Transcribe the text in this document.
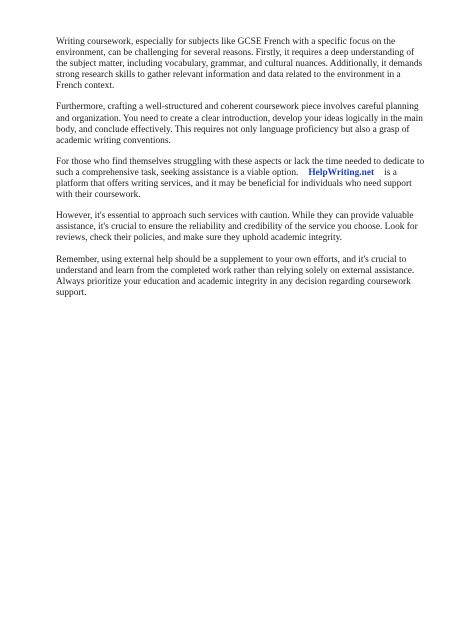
Writing coursework, especially for subjects like GCSE French with a specific focus on the environment, can be challenging for several reasons. Firstly, it requires a deep understanding of the subject matter, including vocabulary, grammar, and cultural nuances. Additionally, it demands strong research skills to gather relevant information and data related to the environment in a French context.

Furthermore, crafting a well-structured and coherent coursework piece involves careful planning and organization. You need to create a clear introduction, develop your ideas logically in the main body, and conclude effectively. This requires not only language proficiency but also a grasp of academic writing conventions.

For those who find themselves struggling with these aspects or lack the time needed to dedicate to such a comprehensive task, seeking assistance is a viable option. HelpWriting.net is a platform that offers writing services, and it may be beneficial for individuals who need support with their coursework.

However, it's essential to approach such services with caution. While they can provide valuable assistance, it's crucial to ensure the reliability and credibility of the service you choose. Look for reviews, check their policies, and make sure they uphold academic integrity.

Remember, using external help should be a supplement to your own efforts, and it's crucial to understand and learn from the completed work rather than relying solely on external assistance. Always prioritize your education and academic integrity in any decision regarding coursework support.
